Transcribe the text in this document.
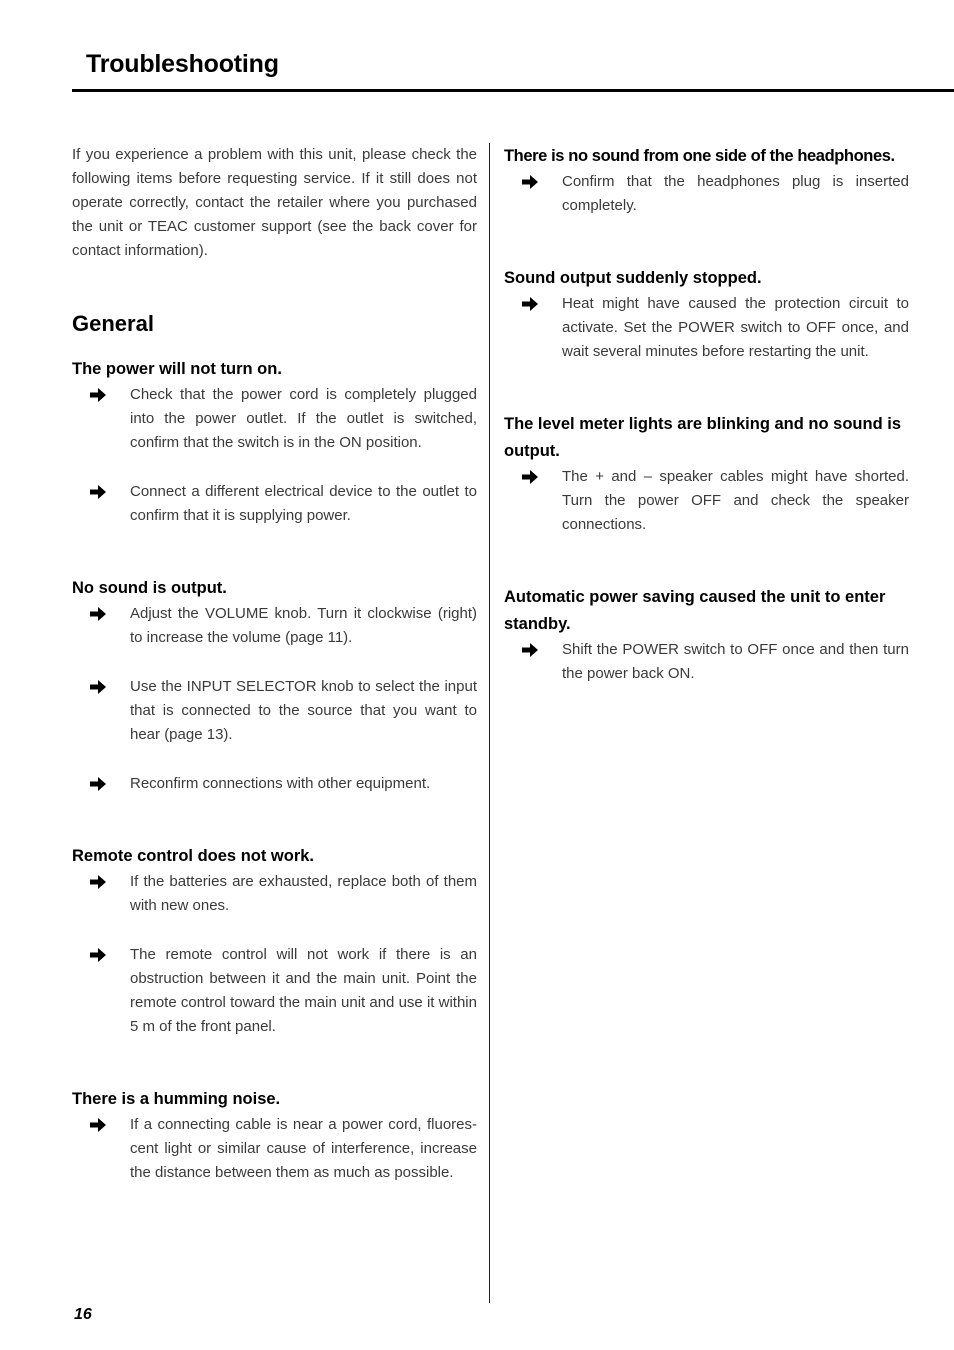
Troubleshooting

If you experience a problem with this unit, please check the following items before requesting service. If it still does not operate correctly, contact the retailer where you purchased the unit or TEAC customer support (see the back cover for contact information).

General
The power will not turn on.

Check that the power cord is completely plugged into the power outlet. If the outlet is switched, confirm that the switch is in the ON position.

Connect a different electrical device to the outlet to confirm that it is supplying power.

No sound is output.

Adjust the VOLUME knob. Turn it clockwise (right) to increase the volume (page 11).

Use the INPUT SELECTOR knob to select the input that is connected to the source that you want to hear (page 13).

Reconfirm connections with other equipment.

Remote control does not work.

If the batteries are exhausted, replace both of them with new ones.

The remote control will not work if there is an obstruction between it and the main unit. Point the remote control toward the main unit and use it within 5 m of the front panel.

There is a humming noise.

If a connecting cable is near a power cord, fluores-cent light or similar cause of interference, increase the distance between them as much as possible.

There is no sound from one side of the headphones.

Confirm that the headphones plug is inserted completely.

Sound output suddenly stopped.

Heat might have caused the protection circuit to activate. Set the POWER switch to OFF once, and wait several minutes before restarting the unit.

The level meter lights are blinking and no sound is output.

The + and – speaker cables might have shorted. Turn the power OFF and check the speaker connections.

Automatic power saving caused the unit to enter standby.

Shift the POWER switch to OFF once and then turn the power back ON.

16
